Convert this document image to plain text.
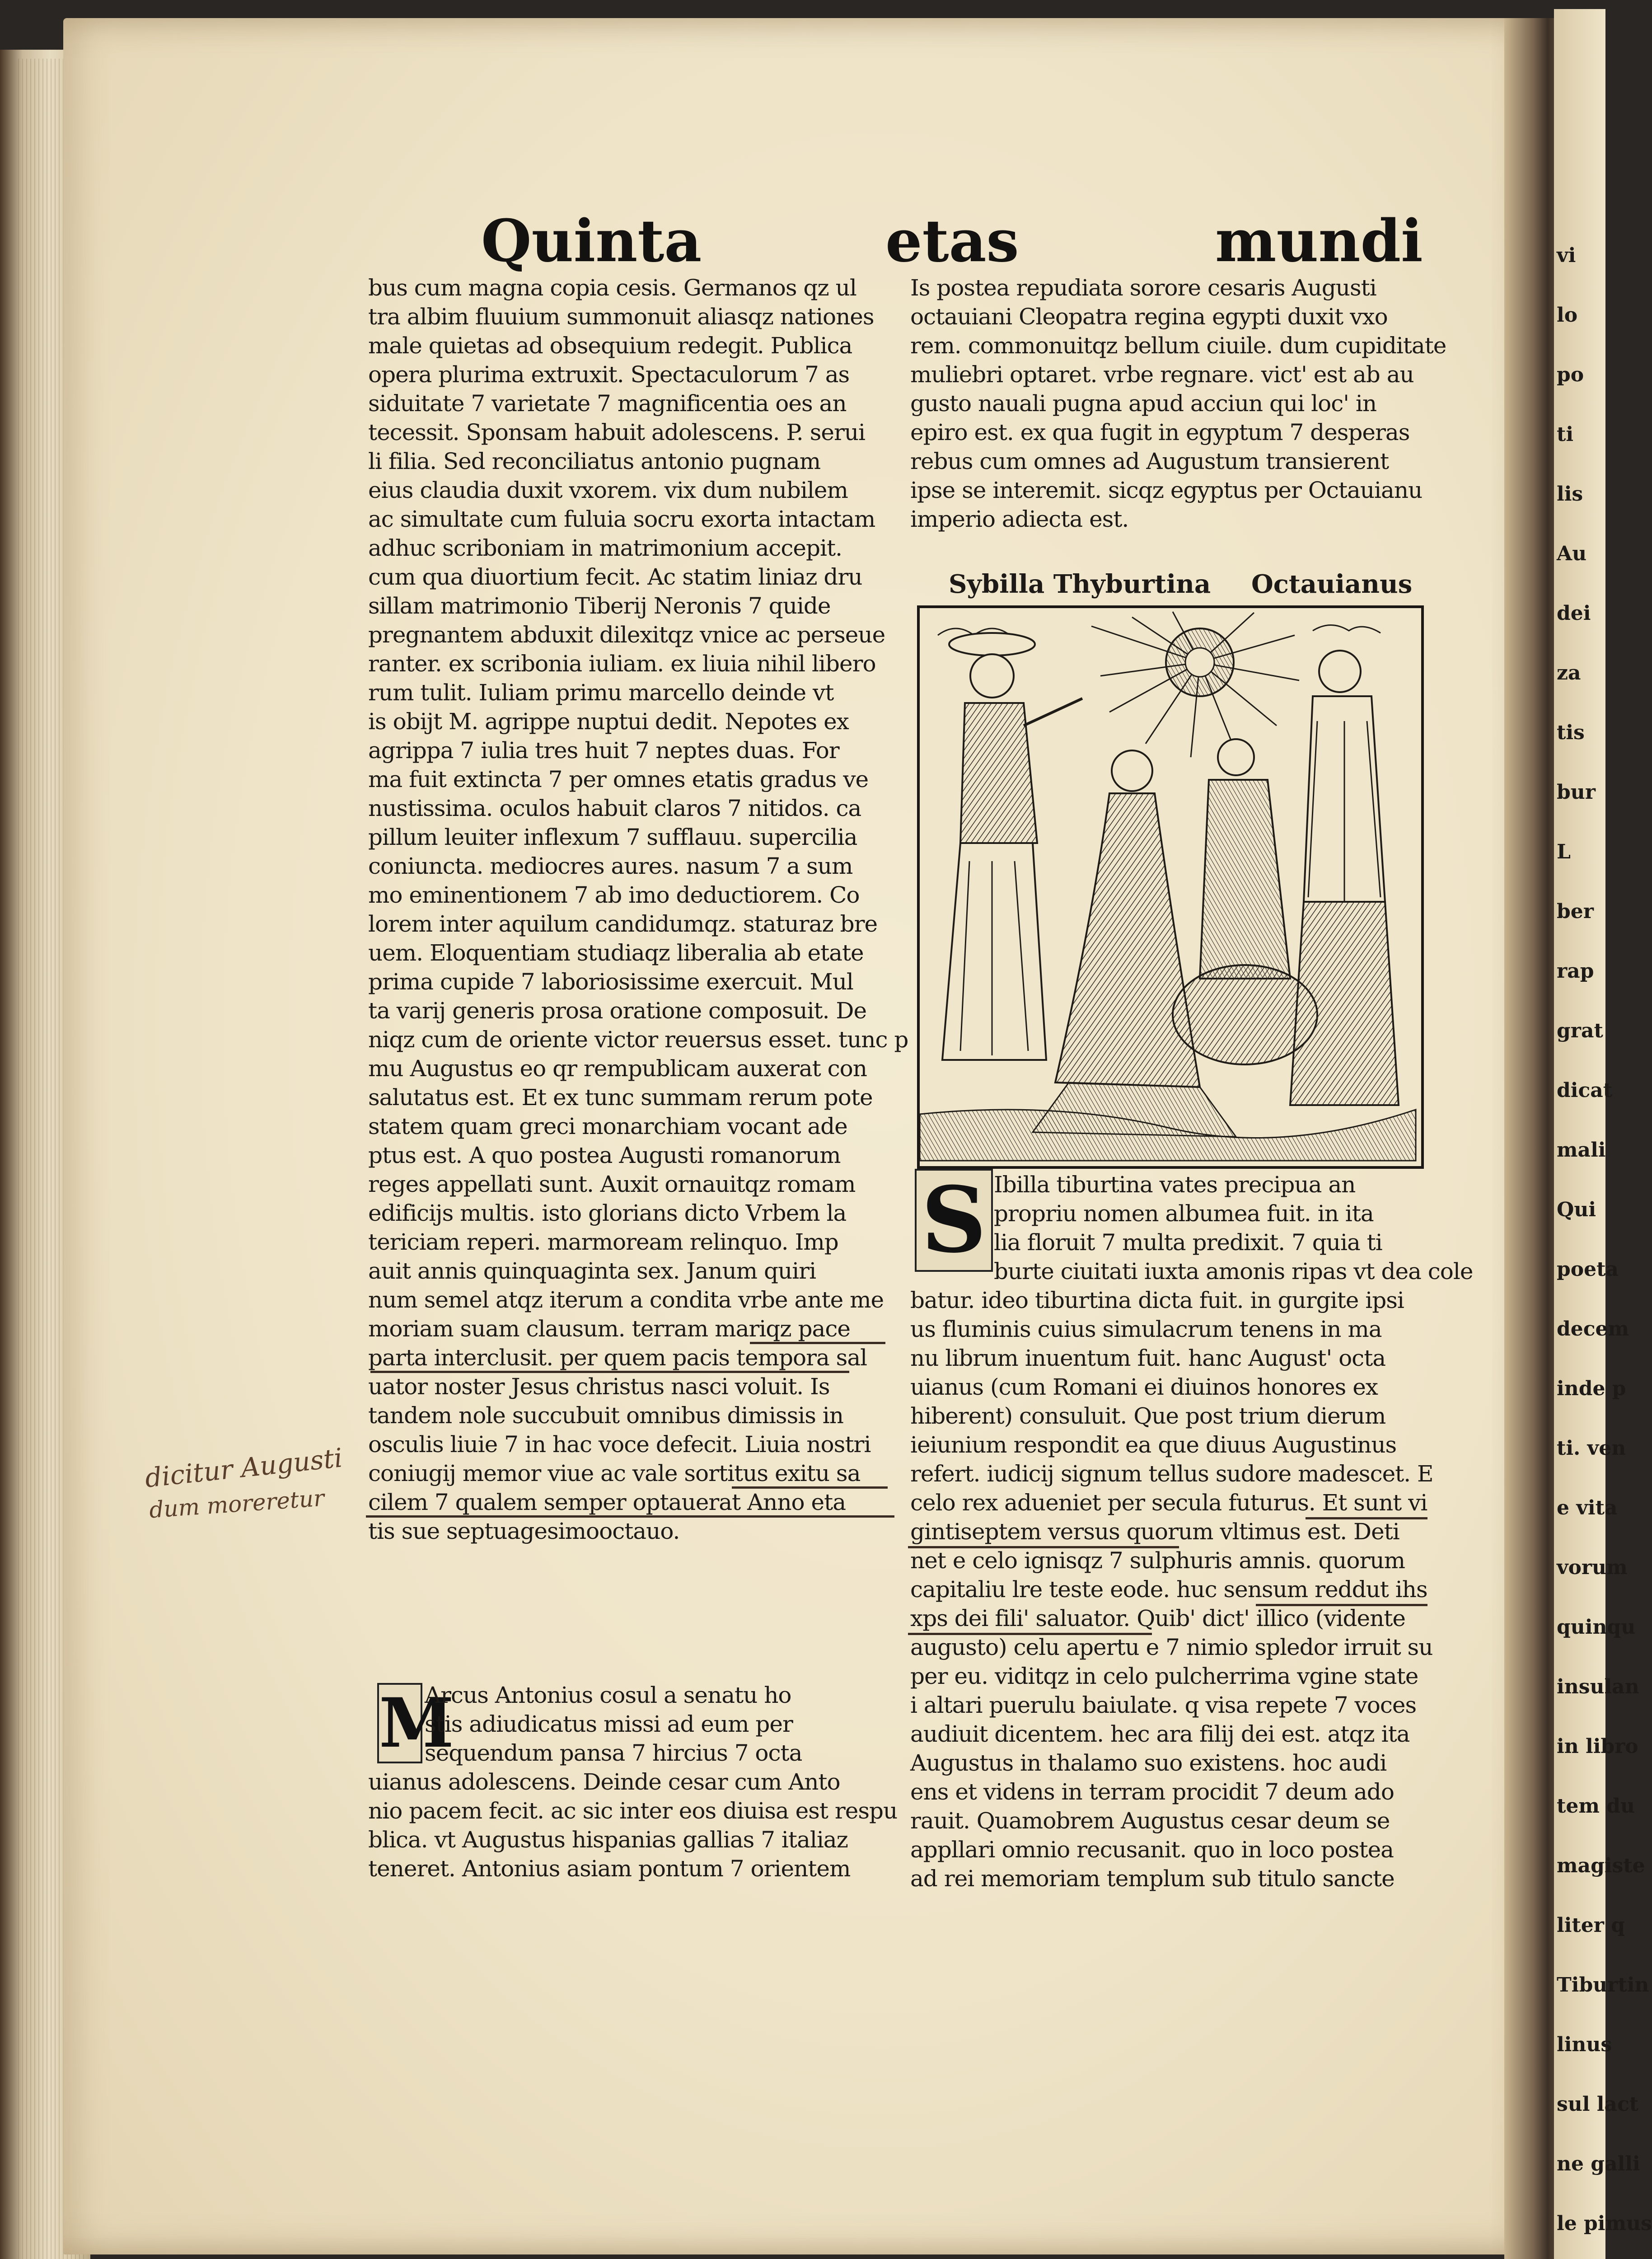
vi
lo
po
ti
lis
Au
dei
za
tis
bur
L
ber
rap
grat
dicat
mali
Qui
poeta
decem
inde p
ti. ven
e vita
vorum
quinqu
insulan
in libro
tem du
magiste
liter q
Tiburtin
linus
sul lact
ne galli
le pimus
Quinta	etas	mundi
bus cum magna copia cesis. Germanos qz ul
tra albim fluuium summonuit aliasqz nationes
male quietas ad obsequium redegit. Publica
opera plurima extruxit. Spectaculorum 7 as
siduitate 7 varietate 7 magnificentia oes an
tecessit. Sponsam habuit adolescens. P. serui
li filia. Sed reconciliatus antonio pugnam
eius claudia duxit vxorem. vix dum nubilem
ac simultate cum fuluia socru exorta intactam
adhuc scriboniam in matrimonium accepit.
cum qua diuortium fecit. Ac statim liniaz dru
sillam matrimonio Tiberij Neronis 7 quide
pregnantem abduxit dilexitqz vnice ac perseue
ranter. ex scribonia iuliam. ex liuia nihil libero
rum tulit. Iuliam primu marcello deinde vt
is obijt M. agrippe nuptui dedit. Nepotes ex
agrippa 7 iulia tres huit 7 neptes duas. For
ma fuit extincta 7 per omnes etatis gradus ve
nustissima. oculos habuit claros 7 nitidos. ca
pillum leuiter inflexum 7 sufflauu. supercilia
coniuncta. mediocres aures. nasum 7 a sum
mo eminentionem 7 ab imo deductiorem. Co
lorem inter aquilum candidumqz. staturaz bre
uem. Eloquentiam studiaqz liberalia ab etate
prima cupide 7 laboriosissime exercuit. Mul
ta varij generis prosa oratione composuit. De
niqz cum de oriente victor reuersus esset. tunc p
mu Augustus eo qr rempublicam auxerat con
salutatus est. Et ex tunc summam rerum pote
statem quam greci monarchiam vocant ade
ptus est. A quo postea Augusti romanorum
reges appellati sunt. Auxit ornauitqz romam
edificijs multis. isto glorians dicto Vrbem la
tericiam reperi. marmoream relinquo. Imp
auit annis quinquaginta sex. Janum quiri
num semel atqz iterum a condita vrbe ante me
moriam suam clausum. terram mariqz pace
parta interclusit. per quem pacis tempora sal
uator noster Jesus christus nasci voluit. Is
tandem nole succubuit omnibus dimissis in
osculis liuie 7 in hac voce defecit. Liuia nostri
coniugij memor viue ac vale sortitus exitu sa
cilem 7 qualem semper optauerat Anno eta
tis sue septuagesimooctauo.
dicitur Augusti
dum moreretur
M
Arcus Antonius cosul a senatu ho
stis adiudicatus missi ad eum per
sequendum pansa 7 hircius 7 octa
uianus adolescens. Deinde cesar cum Anto
nio pacem fecit. ac sic inter eos diuisa est respu
blica. vt Augustus hispanias gallias 7 italiaz
teneret. Antonius asiam pontum 7 orientem
Is postea repudiata sorore cesaris Augusti
octauiani Cleopatra regina egypti duxit vxo
rem. commonuitqz bellum ciuile. dum cupiditate
muliebri optaret. vrbe regnare. vict' est ab au
gusto nauali pugna apud acciun qui loc' in
epiro est. ex qua fugit in egyptum 7 desperas
rebus cum omnes ad Augustum transierent
ipse se interemit. sicqz egyptus per Octauianu
imperio adiecta est.
Sybilla Thyburtina Octauianus
S Ibilla tiburtina vates precipua an
propriu nomen albumea fuit. in ita
lia floruit 7 multa predixit. 7 quia ti
burte ciuitati iuxta amonis ripas vt dea cole
batur. ideo tiburtina dicta fuit. in gurgite ipsi
us fluminis cuius simulacrum tenens in ma
nu librum inuentum fuit. hanc August' octa
uianus (cum Romani ei diuinos honores ex
hiberent) consuluit. Que post trium dierum
ieiunium respondit ea que diuus Augustinus
refert. iudicij signum tellus sudore madescet. E
celo rex adueniet per secula futurus. Et sunt vi
gintiseptem versus quorum vltimus est. Deti
net e celo ignisqz 7 sulphuris amnis. quorum
capitaliu lre teste eode. huc sensum reddut ihs
xps dei fili' saluator. Quib' dict' illico (vidente
augusto) celu apertu e 7 nimio spledor irruit su
per eu. viditqz in celo pulcherrima vgine state
i altari puerulu baiulate. q visa repete 7 voces
audiuit dicentem. hec ara filij dei est. atqz ita
Augustus in thalamo suo existens. hoc audi
ens et videns in terram procidit 7 deum ado
rauit. Quamobrem Augustus cesar deum se
appllari omnio recusanit. quo in loco postea
ad rei memoriam templum sub titulo sancte
